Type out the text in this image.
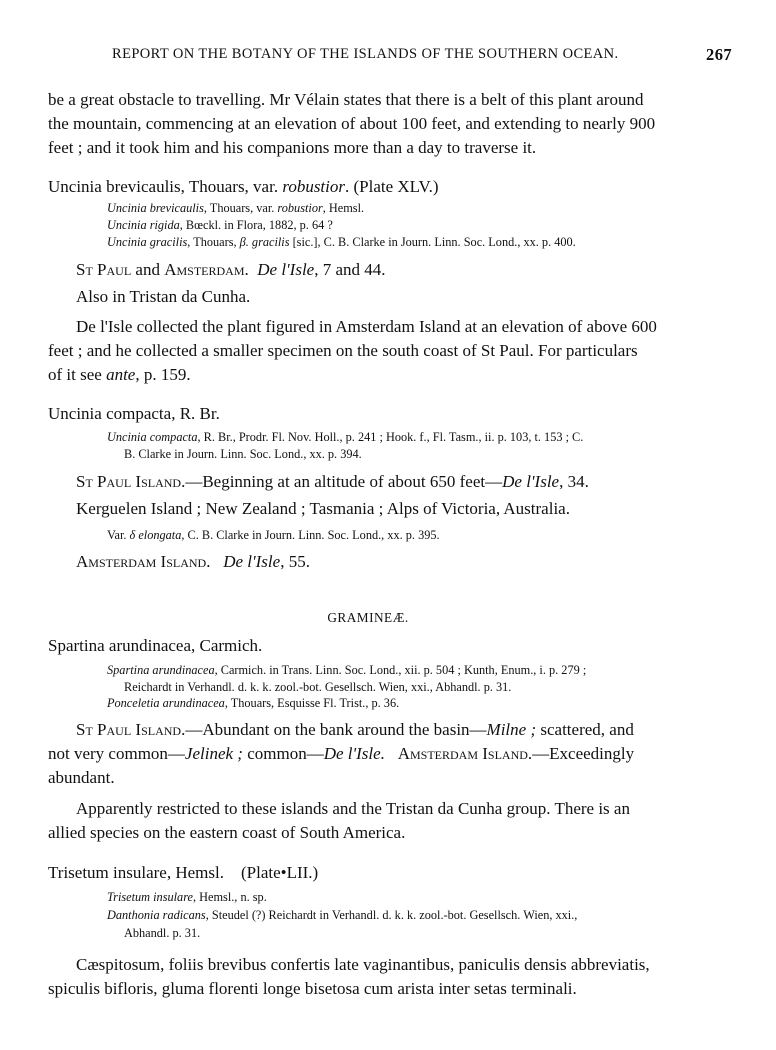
REPORT ON THE BOTANY OF THE ISLANDS OF THE SOUTHERN OCEAN.	267
be a great obstacle to travelling. Mr Vélain states that there is a belt of this plant around
the mountain, commencing at an elevation of about 100 feet, and extending to nearly 900
feet ; and it took him and his companions more than a day to traverse it.
Uncinia brevicaulis, Thouars, var. robustior. (Plate XLV.)
Uncinia brevicaulis, Thouars, var. robustior, Hemsl.
Uncinia rigida, Bœckl. in Flora, 1882, p. 64 ?
Uncinia gracilis, Thouars, β. gracilis [sic.], C. B. Clarke in Journ. Linn. Soc. Lond., xx. p. 400.
St Paul and Amsterdam. De l'Isle, 7 and 44.
Also in Tristan da Cunha.
De l'Isle collected the plant figured in Amsterdam Island at an elevation of above 600
feet ; and he collected a smaller specimen on the south coast of St Paul. For particulars
of it see ante, p. 159.
Uncinia compacta, R. Br.
Uncinia compacta, R. Br., Prodr. Fl. Nov. Holl., p. 241 ; Hook. f., Fl. Tasm., ii. p. 103, t. 153 ; C.
B. Clarke in Journ. Linn. Soc. Lond., xx. p. 394.
St Paul Island.—Beginning at an altitude of about 650 feet—De l'Isle, 34.
Kerguelen Island ; New Zealand ; Tasmania ; Alps of Victoria, Australia.
Var. δ elongata, C. B. Clarke in Journ. Linn. Soc. Lond., xx. p. 395.
Amsterdam Island. De l'Isle, 55.
GRAMINEÆ.
Spartina arundinacea, Carmich.
Spartina arundinacea, Carmich. in Trans. Linn. Soc. Lond., xii. p. 504 ; Kunth, Enum., i. p. 279 ;
Reichardt in Verhandl. d. k. k. zool.-bot. Gesellsch. Wien, xxi., Abhandl. p. 31.
Ponceletia arundinacea, Thouars, Esquisse Fl. Trist., p. 36.
St Paul Island.—Abundant on the bank around the basin—Milne ; scattered, and
not very common—Jelinek ; common—De l'Isle. Amsterdam Island.—Exceedingly
abundant.
Apparently restricted to these islands and the Tristan da Cunha group. There is an
allied species on the eastern coast of South America.
Trisetum insulare, Hemsl.    (Plate•LII.)
Trisetum insulare, Hemsl., n. sp.
Danthonia radicans, Steudel (?) Reichardt in Verhandl. d. k. k. zool.-bot. Gesellsch. Wien, xxi.,
Abhandl. p. 31.
Cæspitosum, foliis brevibus confertis late vaginantibus, paniculis densis abbreviatis,
spiculis bifloris, gluma florenti longe bisetosa cum arista inter setas terminali.
